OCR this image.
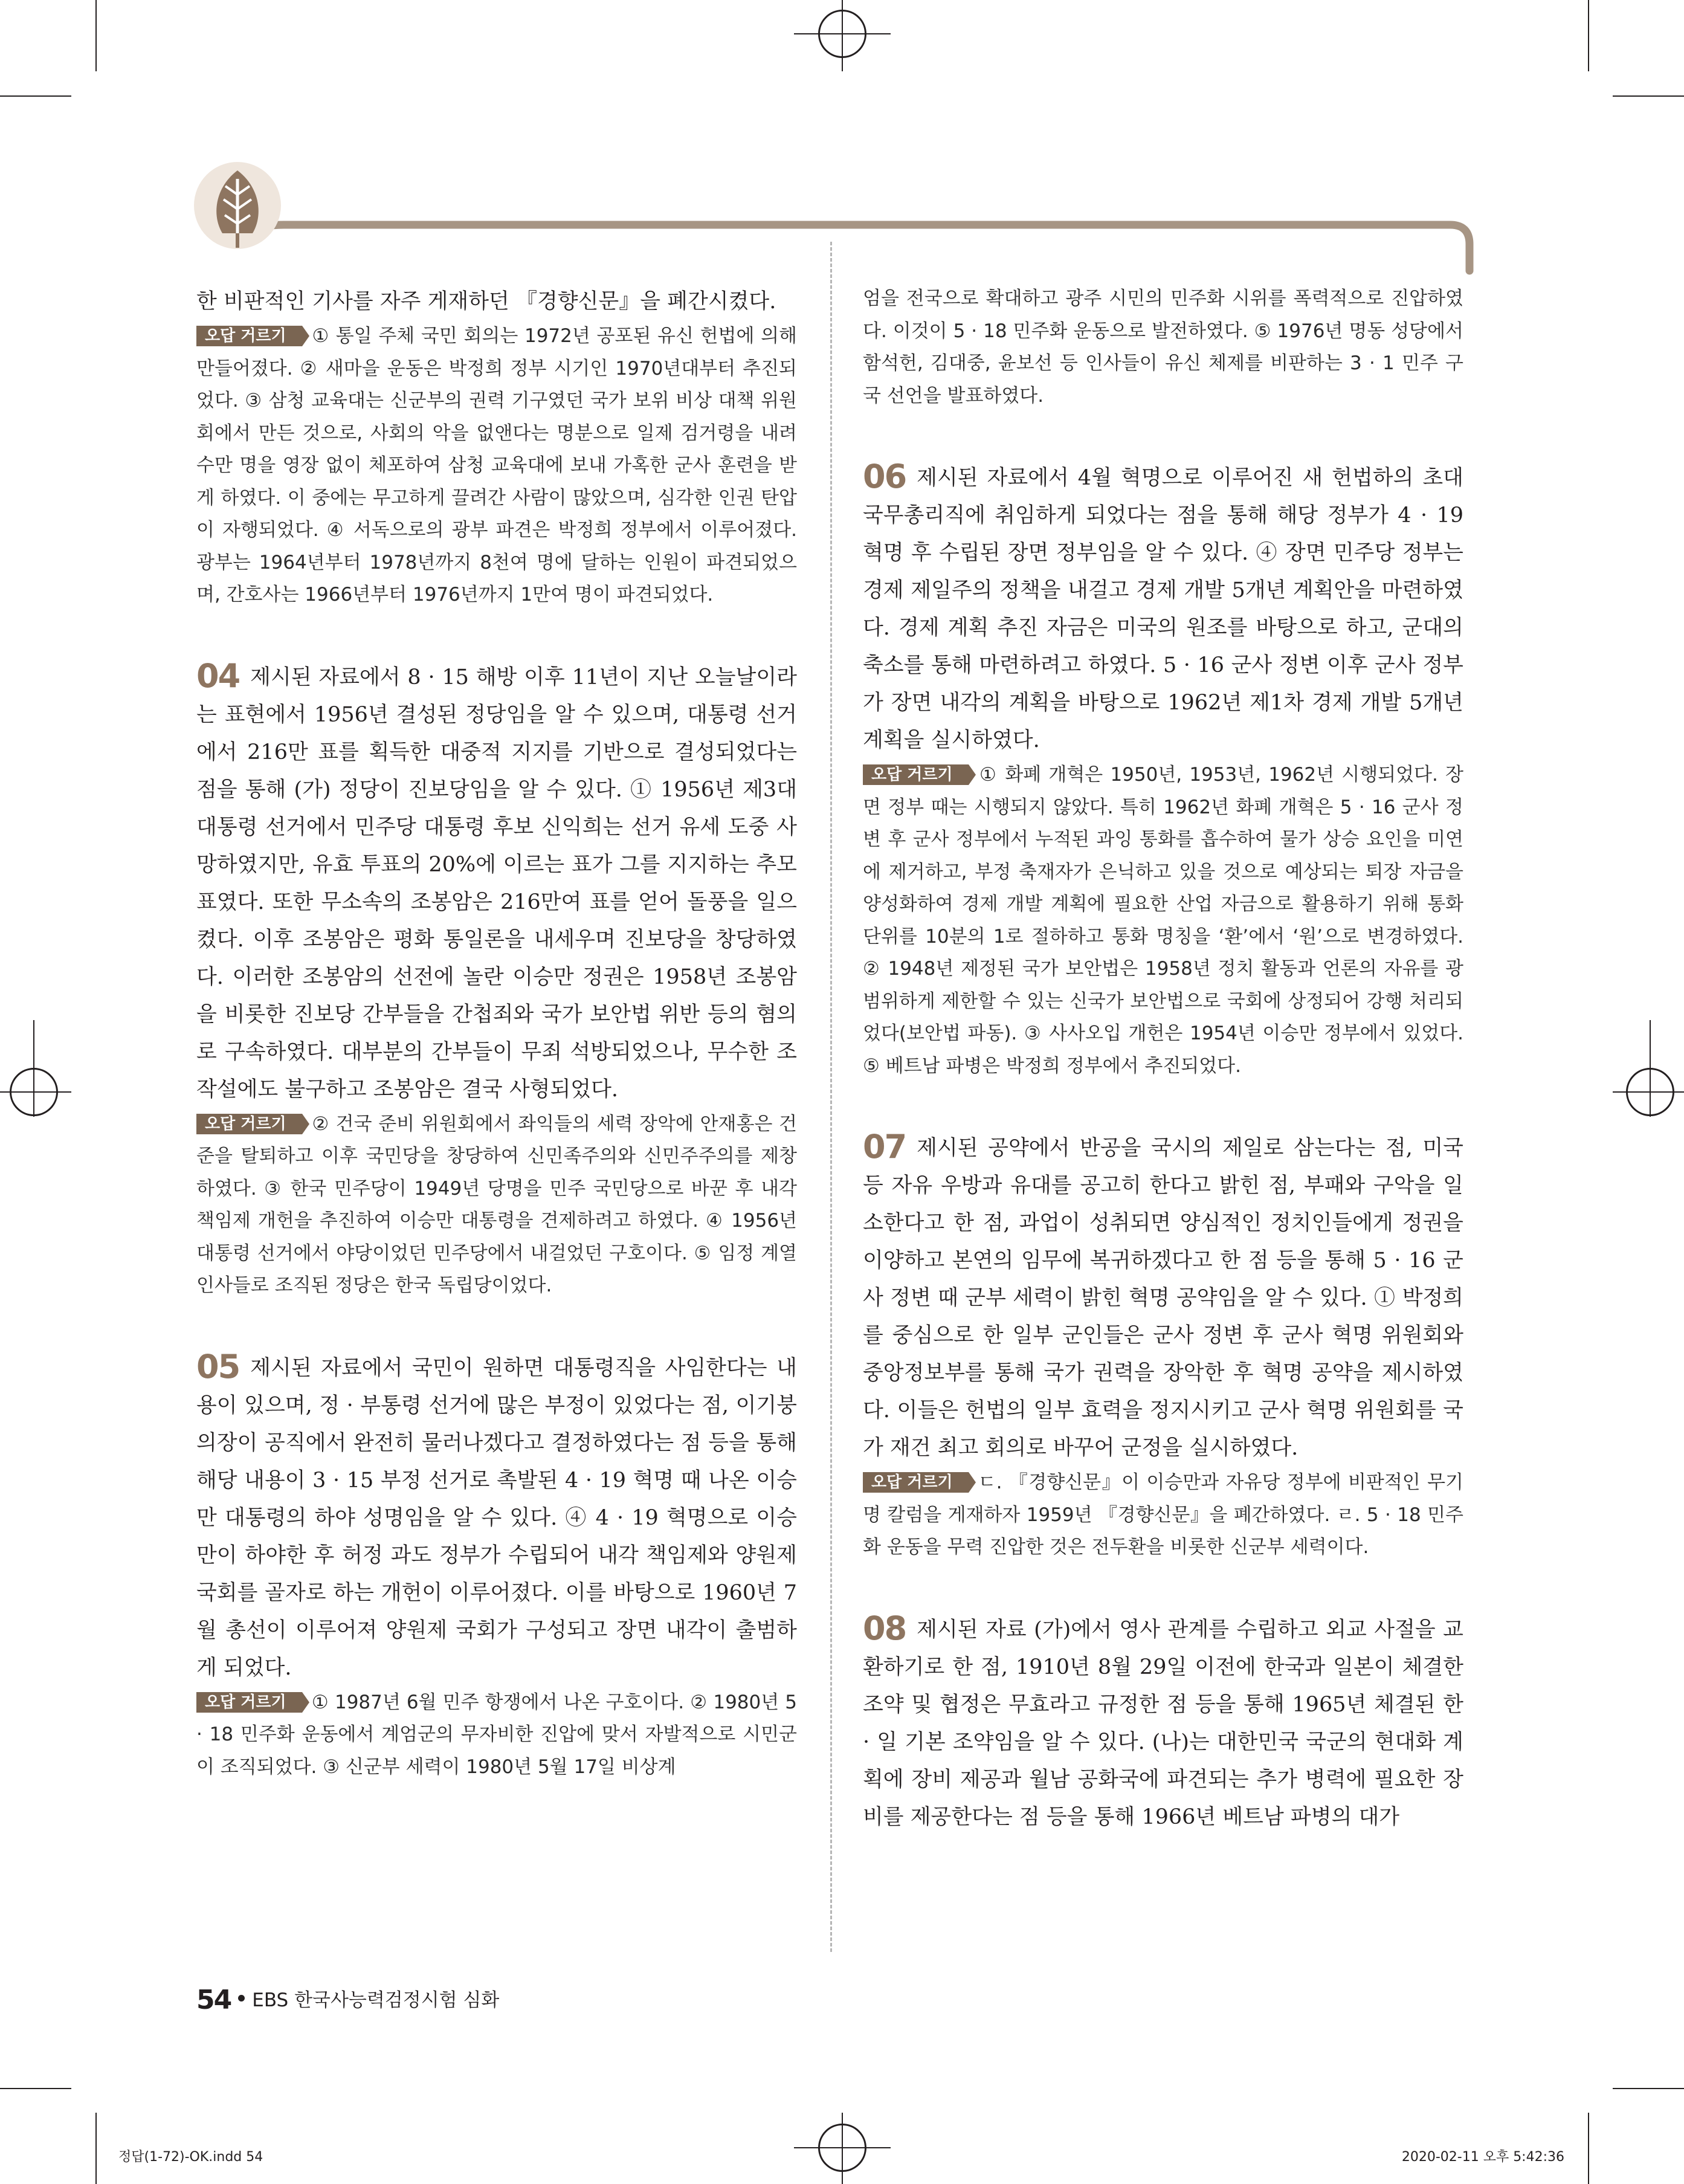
한 비판적인 기사를 자주 게재하던 『경향신문』을 폐간시켰다.

오답 거르기 ① 통일 주체 국민 회의는 1972년 공포된 유신 헌법에 의해 만들어졌다. ② 새마을 운동은 박정희 정부 시기인 1970년대부터 추진되었다. ③ 삼청 교육대는 신군부의 권력 기구였던 국가 보위 비상 대책 위원회에서 만든 것으로, 사회의 악을 없앤다는 명분으로 일제 검거령을 내려 수만 명을 영장 없이 체포하여 삼청 교육대에 보내 가혹한 군사 훈련을 받게 하였다. 이 중에는 무고하게 끌려간 사람이 많았으며, 심각한 인권 탄압이 자행되었다. ④ 서독으로의 광부 파견은 박정희 정부에서 이루어졌다. 광부는 1964년부터 1978년까지 8천여 명에 달하는 인원이 파견되었으며, 간호사는 1966년부터 1976년까지 1만여 명이 파견되었다.

04 제시된 자료에서 8 · 15 해방 이후 11년이 지난 오늘날이라는 표현에서 1956년 결성된 정당임을 알 수 있으며, 대통령 선거에서 216만 표를 획득한 대중적 지지를 기반으로 결성되었다는 점을 통해 (가) 정당이 진보당임을 알 수 있다. ① 1956년 제3대 대통령 선거에서 민주당 대통령 후보 신익희는 선거 유세 도중 사망하였지만, 유효 투표의 20%에 이르는 표가 그를 지지하는 추모표였다. 또한 무소속의 조봉암은 216만여 표를 얻어 돌풍을 일으켰다. 이후 조봉암은 평화 통일론을 내세우며 진보당을 창당하였다. 이러한 조봉암의 선전에 놀란 이승만 정권은 1958년 조봉암을 비롯한 진보당 간부들을 간첩죄와 국가 보안법 위반 등의 혐의로 구속하였다. 대부분의 간부들이 무죄 석방되었으나, 무수한 조작설에도 불구하고 조봉암은 결국 사형되었다.

오답 거르기 ② 건국 준비 위원회에서 좌익들의 세력 장악에 안재홍은 건준을 탈퇴하고 이후 국민당을 창당하여 신민족주의와 신민주주의를 제창하였다. ③ 한국 민주당이 1949년 당명을 민주 국민당으로 바꾼 후 내각 책임제 개헌을 추진하여 이승만 대통령을 견제하려고 하였다. ④ 1956년 대통령 선거에서 야당이었던 민주당에서 내걸었던 구호이다. ⑤ 임정 계열 인사들로 조직된 정당은 한국 독립당이었다.

05 제시된 자료에서 국민이 원하면 대통령직을 사임한다는 내용이 있으며, 정 · 부통령 선거에 많은 부정이 있었다는 점, 이기붕 의장이 공직에서 완전히 물러나겠다고 결정하였다는 점 등을 통해 해당 내용이 3 · 15 부정 선거로 촉발된 4 · 19 혁명 때 나온 이승만 대통령의 하야 성명임을 알 수 있다. ④ 4 · 19 혁명으로 이승만이 하야한 후 허정 과도 정부가 수립되어 내각 책임제와 양원제 국회를 골자로 하는 개헌이 이루어졌다. 이를 바탕으로 1960년 7월 총선이 이루어져 양원제 국회가 구성되고 장면 내각이 출범하게 되었다.

오답 거르기 ① 1987년 6월 민주 항쟁에서 나온 구호이다. ② 1980년 5 · 18 민주화 운동에서 계엄군의 무자비한 진압에 맞서 자발적으로 시민군이 조직되었다. ③ 신군부 세력이 1980년 5월 17일 비상계

엄을 전국으로 확대하고 광주 시민의 민주화 시위를 폭력적으로 진압하였다. 이것이 5 · 18 민주화 운동으로 발전하였다. ⑤ 1976년 명동 성당에서 함석헌, 김대중, 윤보선 등 인사들이 유신 체제를 비판하는 3 · 1 민주 구국 선언을 발표하였다.

06 제시된 자료에서 4월 혁명으로 이루어진 새 헌법하의 초대 국무총리직에 취임하게 되었다는 점을 통해 해당 정부가 4 · 19 혁명 후 수립된 장면 정부임을 알 수 있다. ④ 장면 민주당 정부는 경제 제일주의 정책을 내걸고 경제 개발 5개년 계획안을 마련하였다. 경제 계획 추진 자금은 미국의 원조를 바탕으로 하고, 군대의 축소를 통해 마련하려고 하였다. 5 · 16 군사 정변 이후 군사 정부가 장면 내각의 계획을 바탕으로 1962년 제1차 경제 개발 5개년 계획을 실시하였다.

오답 거르기 ① 화폐 개혁은 1950년, 1953년, 1962년 시행되었다. 장면 정부 때는 시행되지 않았다. 특히 1962년 화폐 개혁은 5 · 16 군사 정변 후 군사 정부에서 누적된 과잉 통화를 흡수하여 물가 상승 요인을 미연에 제거하고, 부정 축재자가 은닉하고 있을 것으로 예상되는 퇴장 자금을 양성화하여 경제 개발 계획에 필요한 산업 자금으로 활용하기 위해 통화 단위를 10분의 1로 절하하고 통화 명칭을 ‘환’에서 ‘원’으로 변경하였다. ② 1948년 제정된 국가 보안법은 1958년 정치 활동과 언론의 자유를 광범위하게 제한할 수 있는 신국가 보안법으로 국회에 상정되어 강행 처리되었다(보안법 파동). ③ 사사오입 개헌은 1954년 이승만 정부에서 있었다. ⑤ 베트남 파병은 박정희 정부에서 추진되었다.

07 제시된 공약에서 반공을 국시의 제일로 삼는다는 점, 미국 등 자유 우방과 유대를 공고히 한다고 밝힌 점, 부패와 구악을 일소한다고 한 점, 과업이 성취되면 양심적인 정치인들에게 정권을 이양하고 본연의 임무에 복귀하겠다고 한 점 등을 통해 5 · 16 군사 정변 때 군부 세력이 밝힌 혁명 공약임을 알 수 있다. ① 박정희를 중심으로 한 일부 군인들은 군사 정변 후 군사 혁명 위원회와 중앙정보부를 통해 국가 권력을 장악한 후 혁명 공약을 제시하였다. 이들은 헌법의 일부 효력을 정지시키고 군사 혁명 위원회를 국가 재건 최고 회의로 바꾸어 군정을 실시하였다.

오답 거르기 ㄷ. 『경향신문』이 이승만과 자유당 정부에 비판적인 무기명 칼럼을 게재하자 1959년 『경향신문』을 폐간하였다. ㄹ. 5 · 18 민주화 운동을 무력 진압한 것은 전두환을 비롯한 신군부 세력이다.

08 제시된 자료 (가)에서 영사 관계를 수립하고 외교 사절을 교환하기로 한 점, 1910년 8월 29일 이전에 한국과 일본이 체결한 조약 및 협정은 무효라고 규정한 점 등을 통해 1965년 체결된 한 · 일 기본 조약임을 알 수 있다. (나)는 대한민국 국군의 현대화 계획에 장비 제공과 월남 공화국에 파견되는 추가 병력에 필요한 장비를 제공한다는 점 등을 통해 1966년 베트남 파병의 대가

54 EBS 한국사능력검정시험 심화
정답(1-72)-OK.indd 54	2020-02-11 오후 5:42:36
